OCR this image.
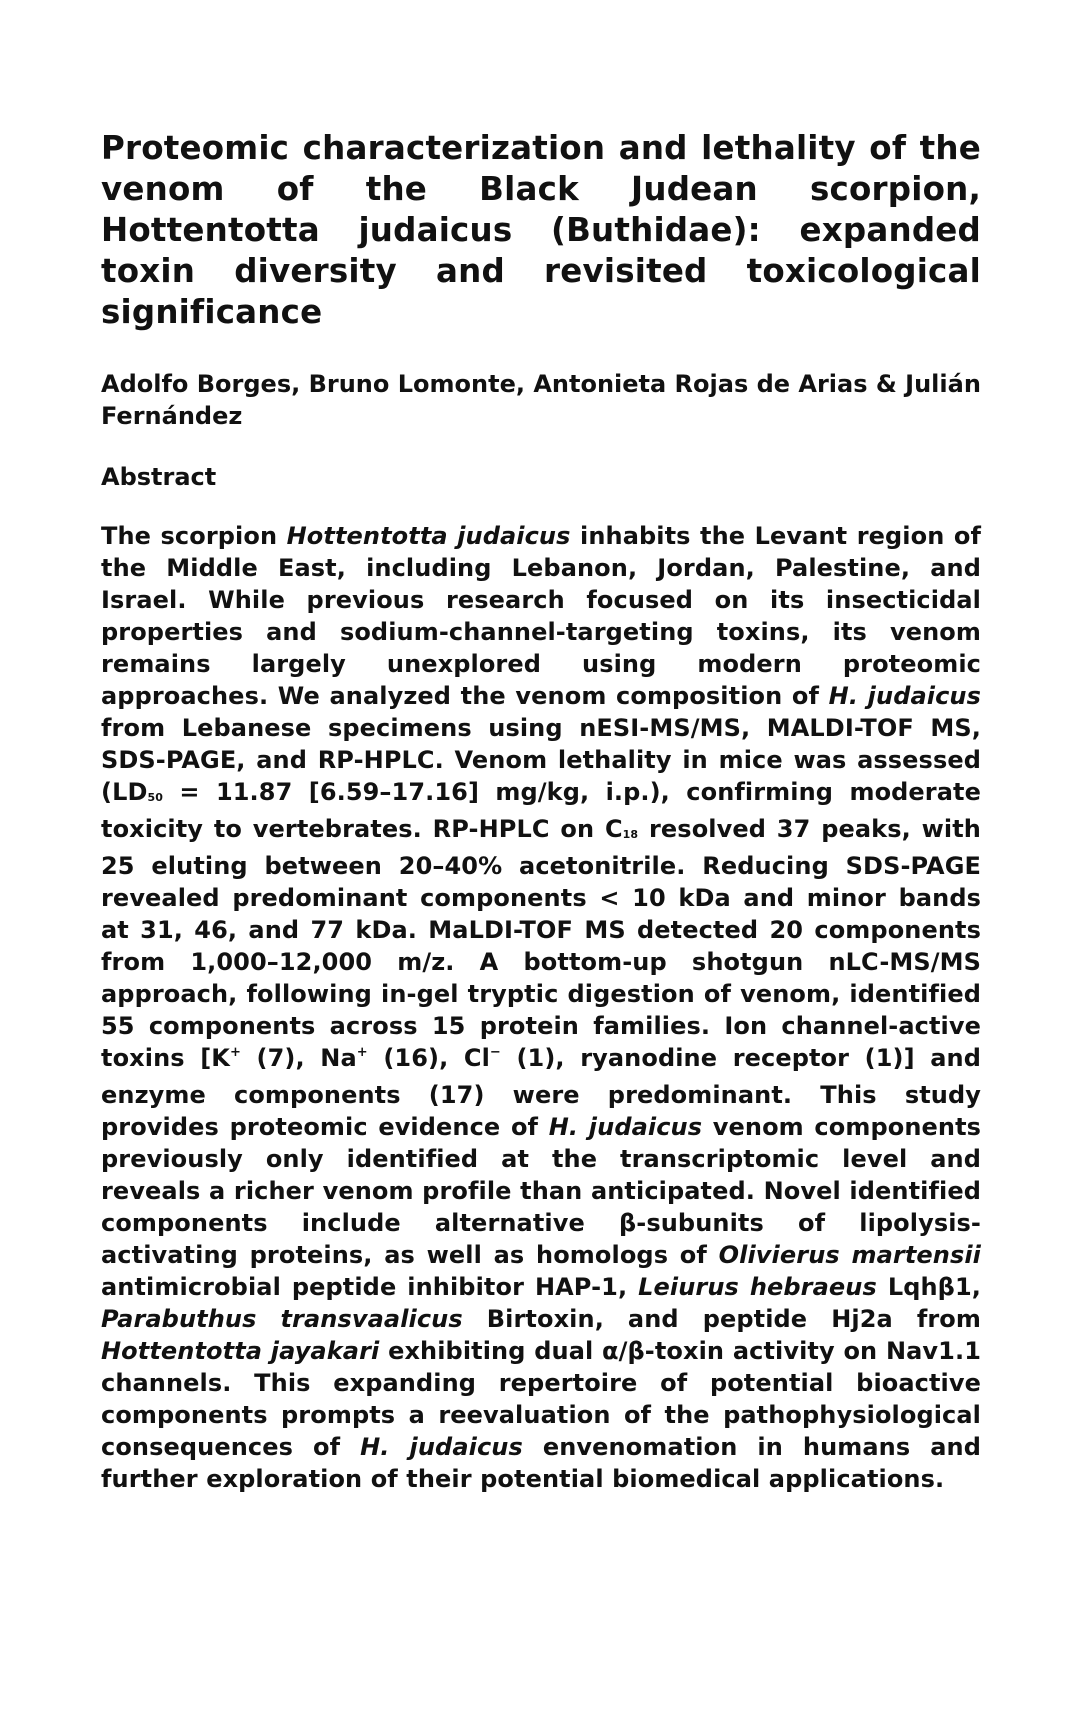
Proteomic characterization and lethality of the venom of the Black Judean scorpion, Hottentotta judaicus (Buthidae): expanded toxin diversity and revisited toxicological significance

Adolfo Borges, Bruno Lomonte, Antonieta Rojas de Arias & Julián Fernández

Abstract

The scorpion Hottentotta judaicus inhabits the Levant region of the Middle East, including Lebanon, Jordan, Palestine, and Israel. While previous research focused on its insecticidal properties and sodium-channel-targeting toxins, its venom remains largely unexplored using modern proteomic approaches. We analyzed the venom composition of H. judaicus from Lebanese specimens using nESI-MS/MS, MALDI-TOF MS, SDS-PAGE, and RP-HPLC. Venom lethality in mice was assessed ($LD_{50} = 11.87$ [6.59–17.16] mg/kg, i.p.), confirming moderate toxicity to vertebrates. RP-HPLC on $C_{18}$ resolved 37 peaks, with 25 eluting between 20–40% acetonitrile. Reducing SDS-PAGE revealed predominant components < 10 kDa and minor bands at 31, 46, and 77 kDa. MaLDI-TOF MS detected 20 components from 1,000–12,000 m/z. A bottom-up shotgun nLC-MS/MS approach, following in-gel tryptic digestion of venom, identified 55 components across 15 protein families. Ion channel-active toxins [K+ (7), Na+ (16), Cl− (1), ryanodine receptor (1)] and enzyme components (17) were predominant. This study provides proteomic evidence of H. judaicus venom components previously only identified at the transcriptomic level and reveals a richer venom profile than anticipated. Novel identified components include alternative β-subunits of lipolysis-activating proteins, as well as homologs of Olivierus martensii antimicrobial peptide inhibitor HAP-1, Leiurus hebraeus Lqhβ1, Parabuthus transvaalicus Birtoxin, and peptide Hj2a from Hottentotta jayakari exhibiting dual α/β-toxin activity on Nav1.1 channels. This expanding repertoire of potential bioactive components prompts a reevaluation of the pathophysiological consequences of H. judaicus envenomation in humans and further exploration of their potential biomedical applications.
